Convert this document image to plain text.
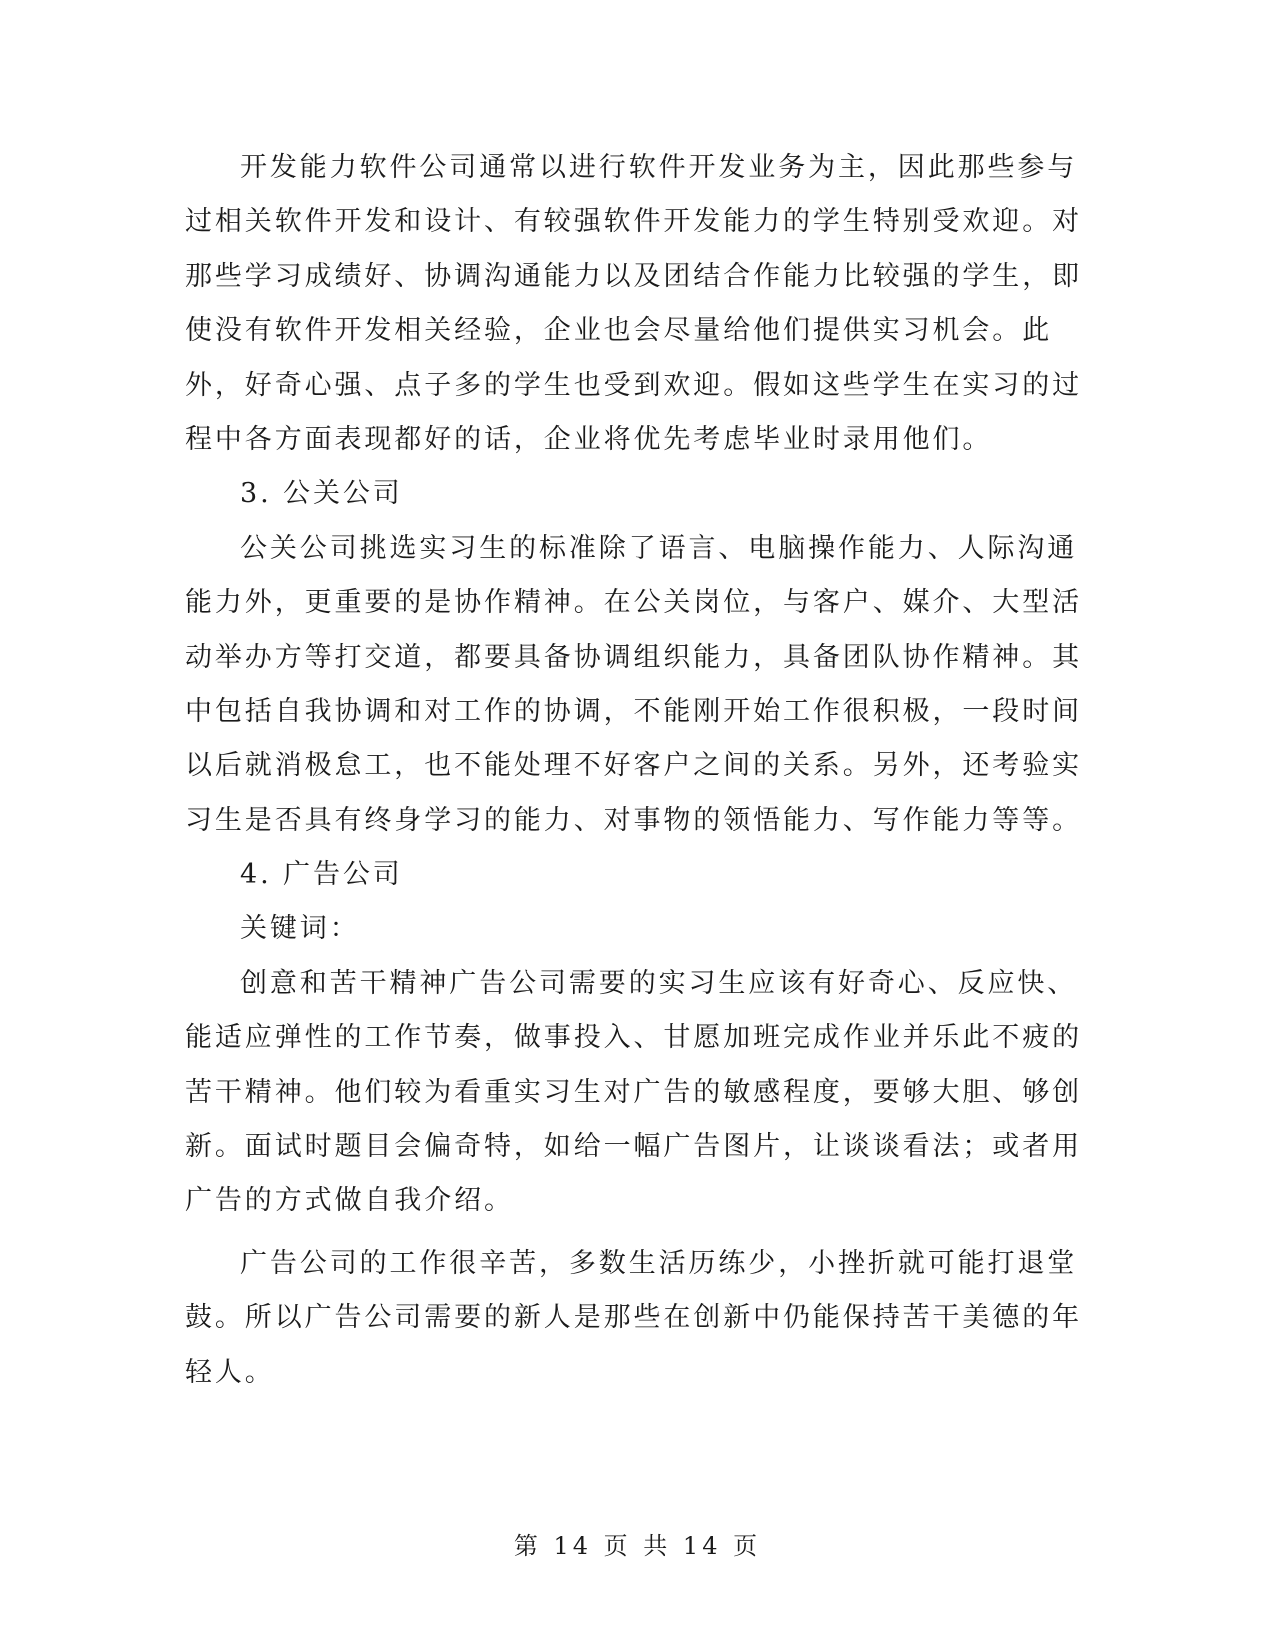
开发能力软件公司通常以进行软件开发业务为主，因此那些参与
过相关软件开发和设计、有较强软件开发能力的学生特别受欢迎。对
那些学习成绩好、协调沟通能力以及团结合作能力比较强的学生，即
使没有软件开发相关经验，企业也会尽量给他们提供实习机会。此
外，好奇心强、点子多的学生也受到欢迎。假如这些学生在实习的过
程中各方面表现都好的话，企业将优先考虑毕业时录用他们。
3. 公关公司
公关公司挑选实习生的标准除了语言、电脑操作能力、人际沟通
能力外，更重要的是协作精神。在公关岗位，与客户、媒介、大型活
动举办方等打交道，都要具备协调组织能力，具备团队协作精神。其
中包括自我协调和对工作的协调，不能刚开始工作很积极，一段时间
以后就消极怠工，也不能处理不好客户之间的关系。另外，还考验实
习生是否具有终身学习的能力、对事物的领悟能力、写作能力等等。
4. 广告公司
关键词：
创意和苦干精神广告公司需要的实习生应该有好奇心、反应快、
能适应弹性的工作节奏，做事投入、甘愿加班完成作业并乐此不疲的
苦干精神。他们较为看重实习生对广告的敏感程度，要够大胆、够创
新。面试时题目会偏奇特，如给一幅广告图片，让谈谈看法；或者用
广告的方式做自我介绍。
广告公司的工作很辛苦，多数生活历练少，小挫折就可能打退堂
鼓。所以广告公司需要的新人是那些在创新中仍能保持苦干美德的年
轻人。
第 14 页 共 14 页
